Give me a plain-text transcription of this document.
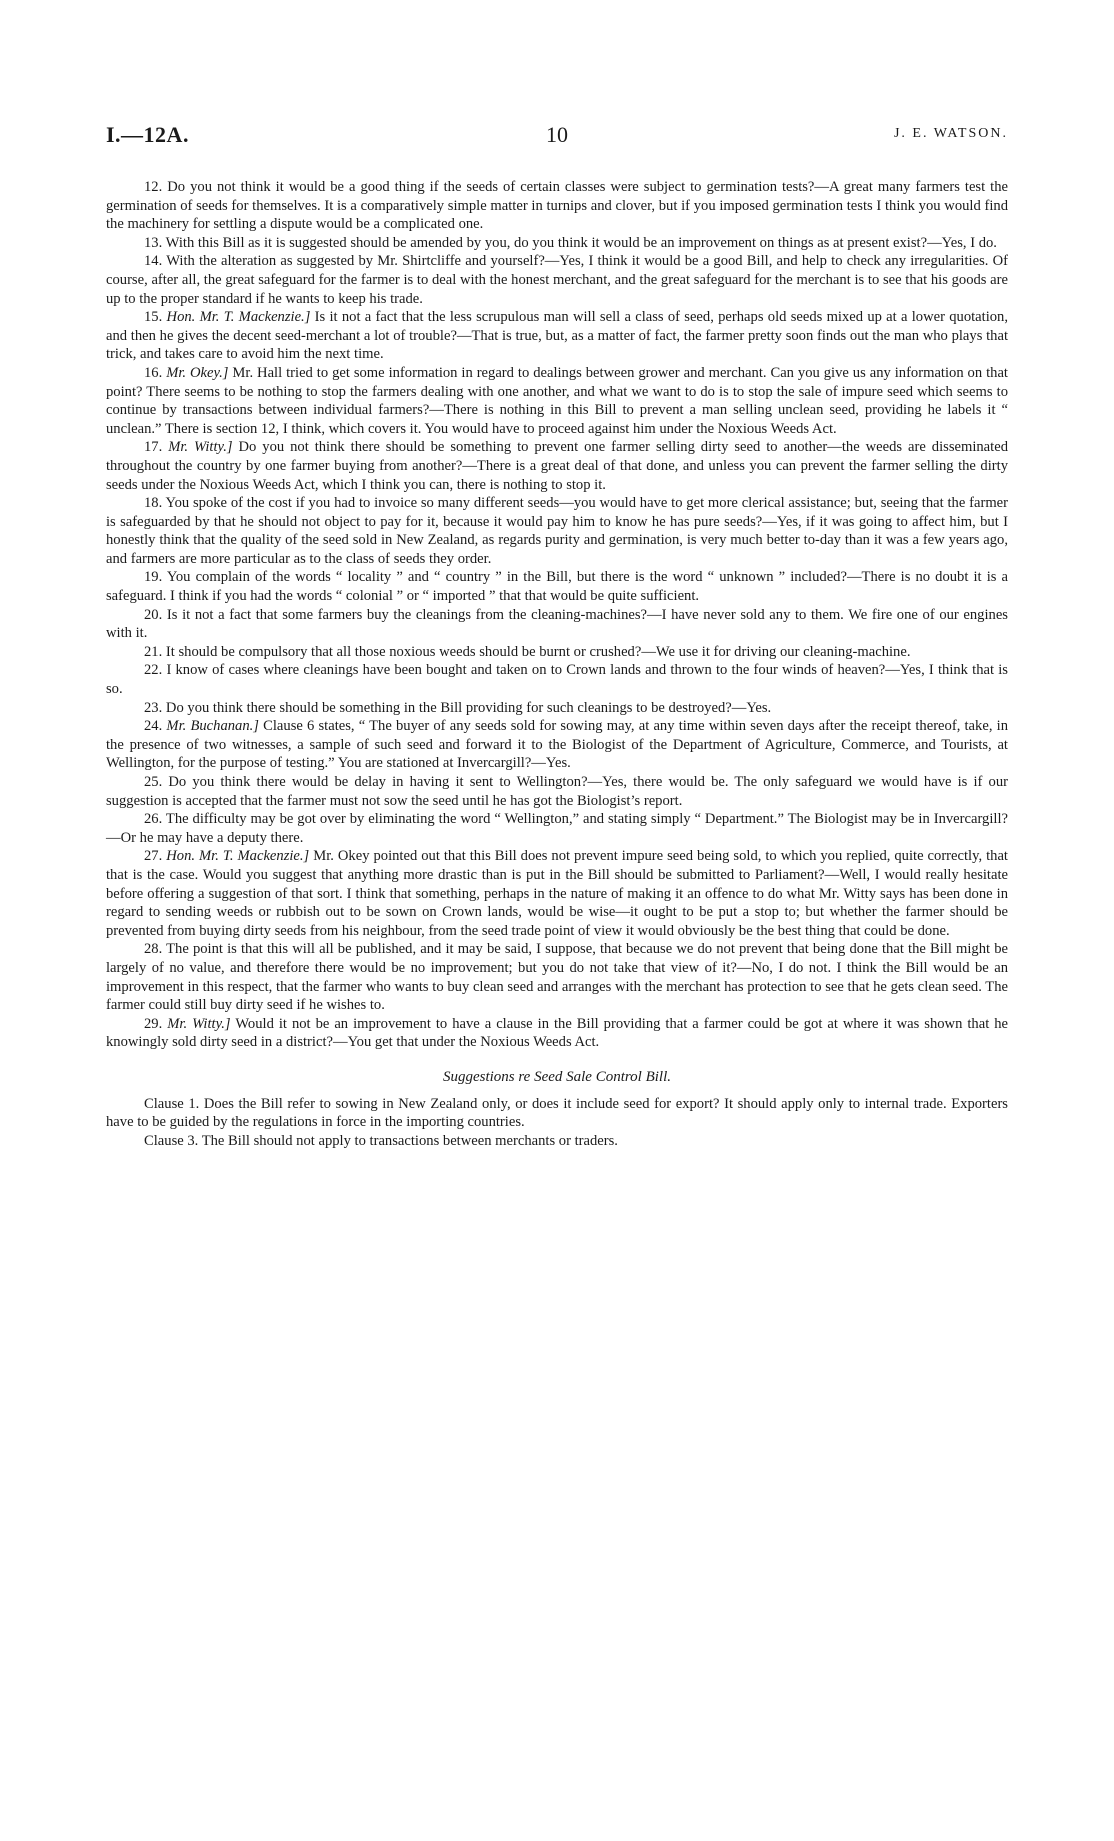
I.—12A.	10	J. E. WATSON.

12. Do you not think it would be a good thing if the seeds of certain classes were subject to germination tests?—A great many farmers test the germination of seeds for themselves. It is a comparatively simple matter in turnips and clover, but if you imposed germination tests I think you would find the machinery for settling a dispute would be a complicated one.

13. With this Bill as it is suggested should be amended by you, do you think it would be an improvement on things as at present exist?—Yes, I do.

14. With the alteration as suggested by Mr. Shirtcliffe and yourself?—Yes, I think it would be a good Bill, and help to check any irregularities. Of course, after all, the great safeguard for the farmer is to deal with the honest merchant, and the great safeguard for the merchant is to see that his goods are up to the proper standard if he wants to keep his trade.

15. Hon. Mr. T. Mackenzie.] Is it not a fact that the less scrupulous man will sell a class of seed, perhaps old seeds mixed up at a lower quotation, and then he gives the decent seed-merchant a lot of trouble?—That is true, but, as a matter of fact, the farmer pretty soon finds out the man who plays that trick, and takes care to avoid him the next time.

16. Mr. Okey.] Mr. Hall tried to get some information in regard to dealings between grower and merchant. Can you give us any information on that point? There seems to be nothing to stop the farmers dealing with one another, and what we want to do is to stop the sale of impure seed which seems to continue by transactions between individual farmers?—There is nothing in this Bill to prevent a man selling unclean seed, providing he labels it “ unclean.” There is section 12, I think, which covers it. You would have to proceed against him under the Noxious Weeds Act.

17. Mr. Witty.] Do you not think there should be something to prevent one farmer selling dirty seed to another—the weeds are disseminated throughout the country by one farmer buying from another?—There is a great deal of that done, and unless you can prevent the farmer selling the dirty seeds under the Noxious Weeds Act, which I think you can, there is nothing to stop it.

18. You spoke of the cost if you had to invoice so many different seeds—you would have to get more clerical assistance; but, seeing that the farmer is safeguarded by that he should not object to pay for it, because it would pay him to know he has pure seeds?—Yes, if it was going to affect him, but I honestly think that the quality of the seed sold in New Zealand, as regards purity and germination, is very much better to-day than it was a few years ago, and farmers are more particular as to the class of seeds they order.

19. You complain of the words “ locality ” and “ country ” in the Bill, but there is the word “ unknown ” included?—There is no doubt it is a safeguard. I think if you had the words “ colonial ” or “ imported ” that that would be quite sufficient.

20. Is it not a fact that some farmers buy the cleanings from the cleaning-machines?—I have never sold any to them. We fire one of our engines with it.

21. It should be compulsory that all those noxious weeds should be burnt or crushed?—We use it for driving our cleaning-machine.

22. I know of cases where cleanings have been bought and taken on to Crown lands and thrown to the four winds of heaven?—Yes, I think that is so.

23. Do you think there should be something in the Bill providing for such cleanings to be destroyed?—Yes.

24. Mr. Buchanan.] Clause 6 states, “ The buyer of any seeds sold for sowing may, at any time within seven days after the receipt thereof, take, in the presence of two witnesses, a sample of such seed and forward it to the Biologist of the Department of Agriculture, Commerce, and Tourists, at Wellington, for the purpose of testing.” You are stationed at Invercargill?—Yes.

25. Do you think there would be delay in having it sent to Wellington?—Yes, there would be. The only safeguard we would have is if our suggestion is accepted that the farmer must not sow the seed until he has got the Biologist’s report.

26. The difficulty may be got over by eliminating the word “ Wellington,” and stating simply “ Department.” The Biologist may be in Invercargill?—Or he may have a deputy there.

27. Hon. Mr. T. Mackenzie.] Mr. Okey pointed out that this Bill does not prevent impure seed being sold, to which you replied, quite correctly, that that is the case. Would you suggest that anything more drastic than is put in the Bill should be submitted to Parliament?—Well, I would really hesitate before offering a suggestion of that sort. I think that something, perhaps in the nature of making it an offence to do what Mr. Witty says has been done in regard to sending weeds or rubbish out to be sown on Crown lands, would be wise—it ought to be put a stop to; but whether the farmer should be prevented from buying dirty seeds from his neighbour, from the seed trade point of view it would obviously be the best thing that could be done.

28. The point is that this will all be published, and it may be said, I suppose, that because we do not prevent that being done that the Bill might be largely of no value, and therefore there would be no improvement; but you do not take that view of it?—No, I do not. I think the Bill would be an improvement in this respect, that the farmer who wants to buy clean seed and arranges with the merchant has protection to see that he gets clean seed. The farmer could still buy dirty seed if he wishes to.

29. Mr. Witty.] Would it not be an improvement to have a clause in the Bill providing that a farmer could be got at where it was shown that he knowingly sold dirty seed in a district?—You get that under the Noxious Weeds Act.

Suggestions re Seed Sale Control Bill.

Clause 1. Does the Bill refer to sowing in New Zealand only, or does it include seed for export? It should apply only to internal trade. Exporters have to be guided by the regulations in force in the importing countries.

Clause 3. The Bill should not apply to transactions between merchants or traders.
